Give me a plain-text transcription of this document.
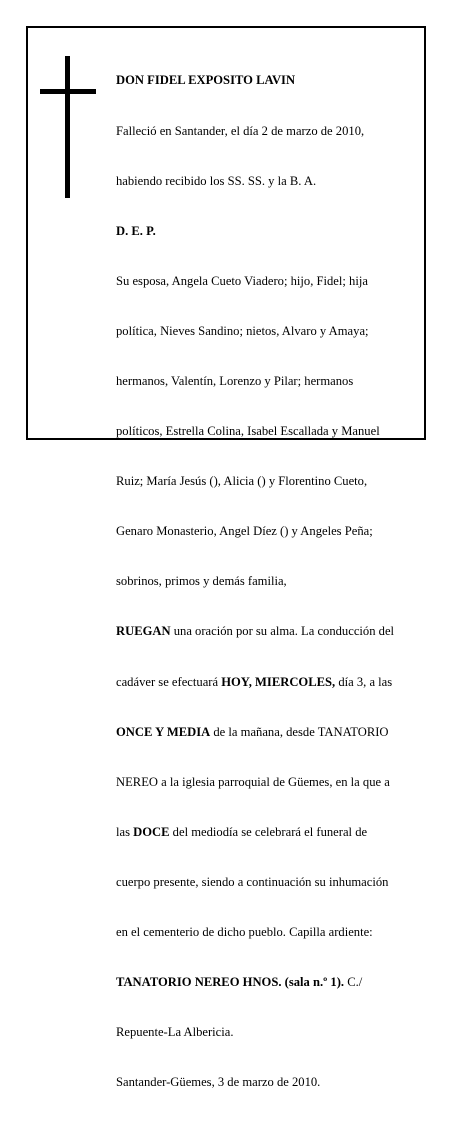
DON FIDEL EXPOSITO LAVIN

Falleció en Santander, el día 2 de marzo de 2010,

habiendo recibido los SS. SS. y la B. A.

D. E. P.

Su esposa, Angela Cueto Viadero; hijo, Fidel; hija

política, Nieves Sandino; nietos, Alvaro y Amaya;

hermanos, Valentín, Lorenzo y Pilar; hermanos

políticos, Estrella Colina, Isabel Escallada y Manuel

Ruiz; María Jesús (), Alicia () y Florentino Cueto,

Genaro Monasterio, Angel Díez () y Angeles Peña;

sobrinos, primos y demás familia,

RUEGAN una oración por su alma. La conducción del

cadáver se efectuará HOY, MIERCOLES, día 3, a las

ONCE Y MEDIA de la mañana, desde TANATORIO

NEREO a la iglesia parroquial de Güemes, en la que a

las DOCE del mediodía se celebrará el funeral de

cuerpo presente, siendo a continuación su inhumación

en el cementerio de dicho pueblo. Capilla ardiente:

TANATORIO NEREO HNOS. (sala n.º 1). C./

Repuente-La Albericia.

Santander-Güemes, 3 de marzo de 2010.
